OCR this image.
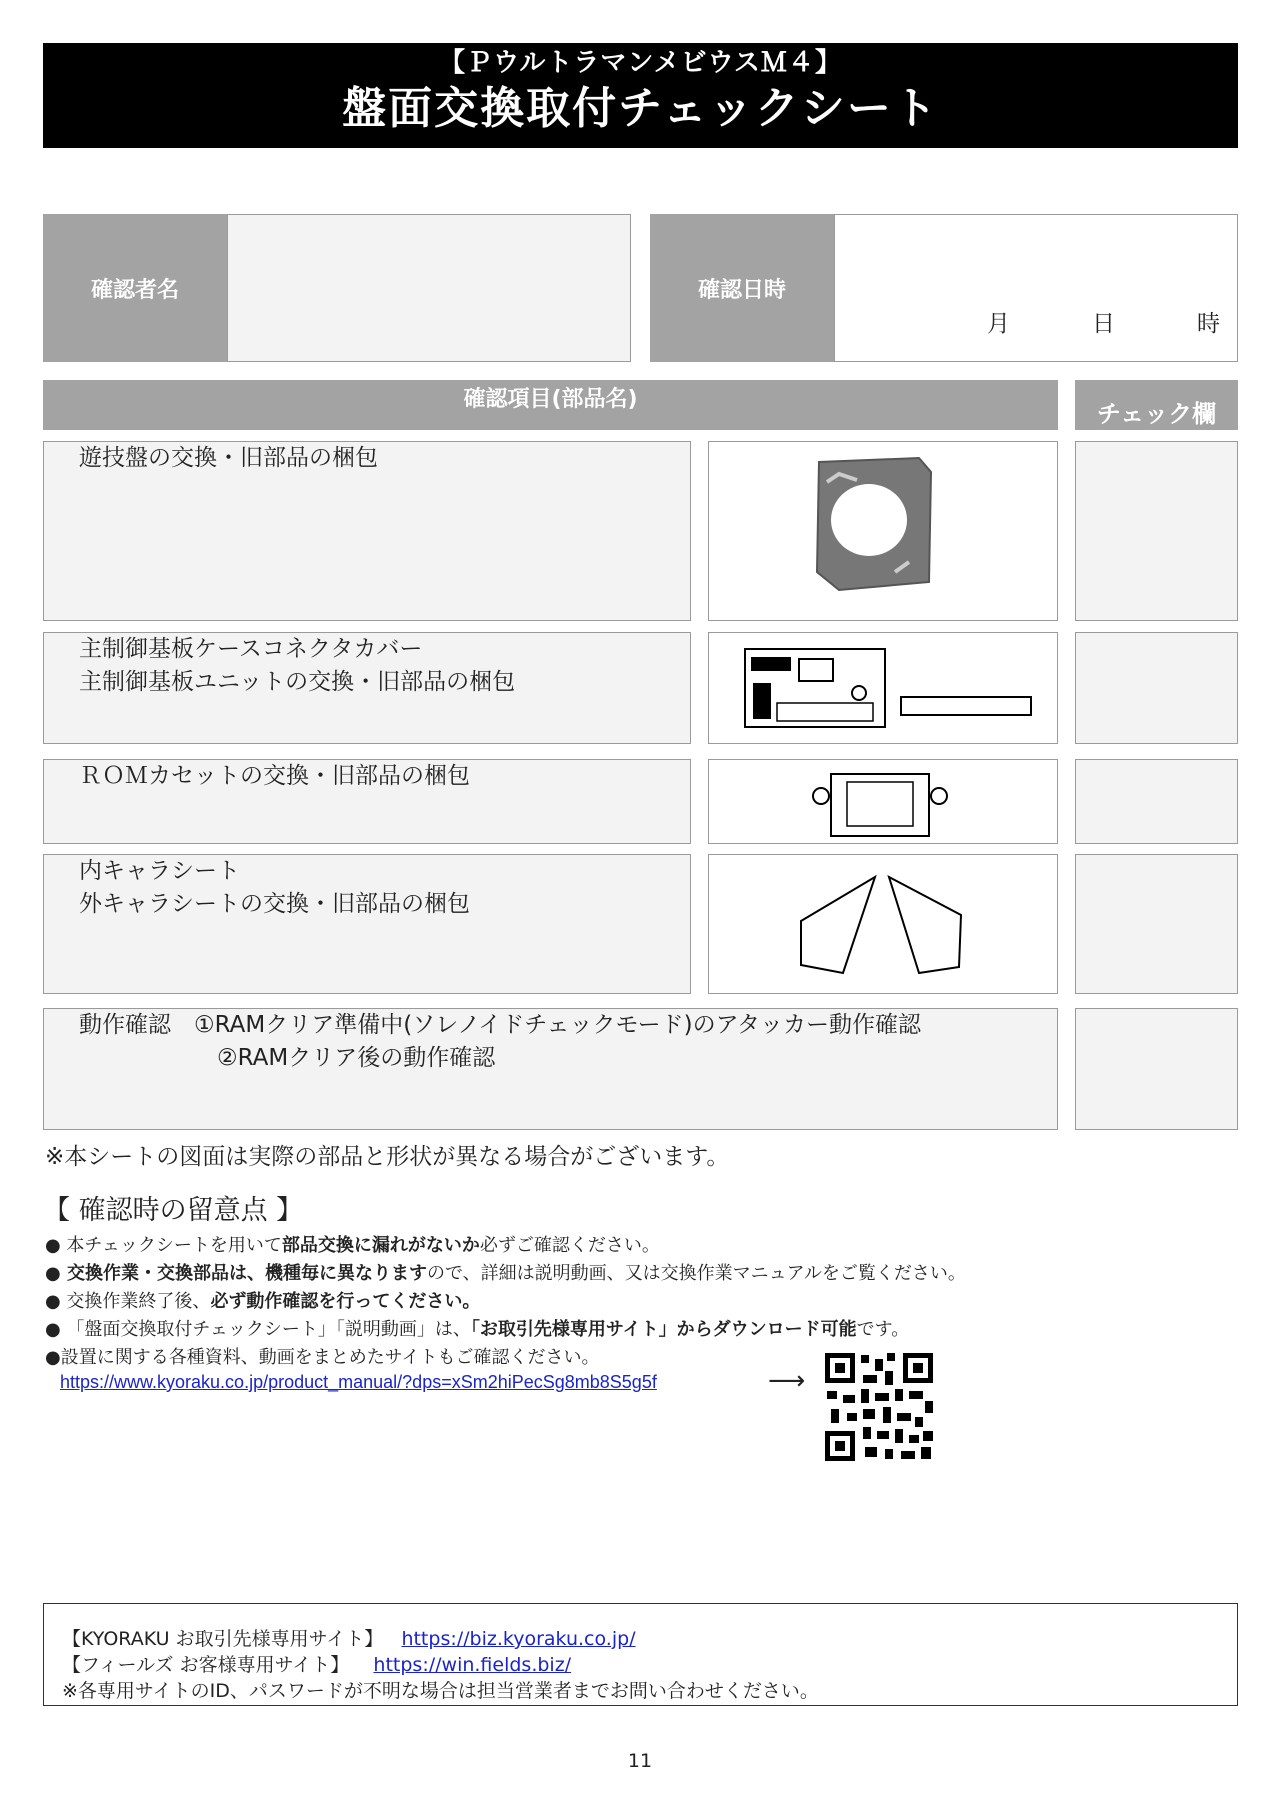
【ＰウルトラマンメビウスＭ４】
盤面交換取付チェックシート
確認者名	確認日時
月	日	時
確認項目(部品名)	チェック欄
遊技盤の交換・旧部品の梱包
主制御基板ケースコネクタカバー
主制御基板ユニットの交換・旧部品の梱包
ＲＯＭカセットの交換・旧部品の梱包
内キャラシート
外キャラシートの交換・旧部品の梱包
動作確認　①RAMクリア準備中(ソレノイドチェックモード)のアタッカー動作確認
　　　　　　②RAMクリア後の動作確認
※本シートの図面は実際の部品と形状が異なる場合がございます。
【 確認時の留意点 】
● 本チェックシートを用いて部品交換に漏れがないか必ずご確認ください。
● 交換作業・交換部品は、機種毎に異なりますので、詳細は説明動画、又は交換作業マニュアルをご覧ください。
● 交換作業終了後、必ず動作確認を行ってください。
● 「盤面交換取付チェックシート」「説明動画」は、「お取引先様専用サイト」からダウンロード可能です。
●設置に関する各種資料、動画をまとめたサイトもご確認ください。
https://www.kyoraku.co.jp/product_manual/?dps=xSm2hiPecSg8mb8S5g5f	⟶
【KYORAKU お取引先様専用サイト】 https://biz.kyoraku.co.jp/
【フィールズ お客様専用サイト】 https://win.fields.biz/
※各専用サイトのID、パスワードが不明な場合は担当営業者までお問い合わせください。
11
